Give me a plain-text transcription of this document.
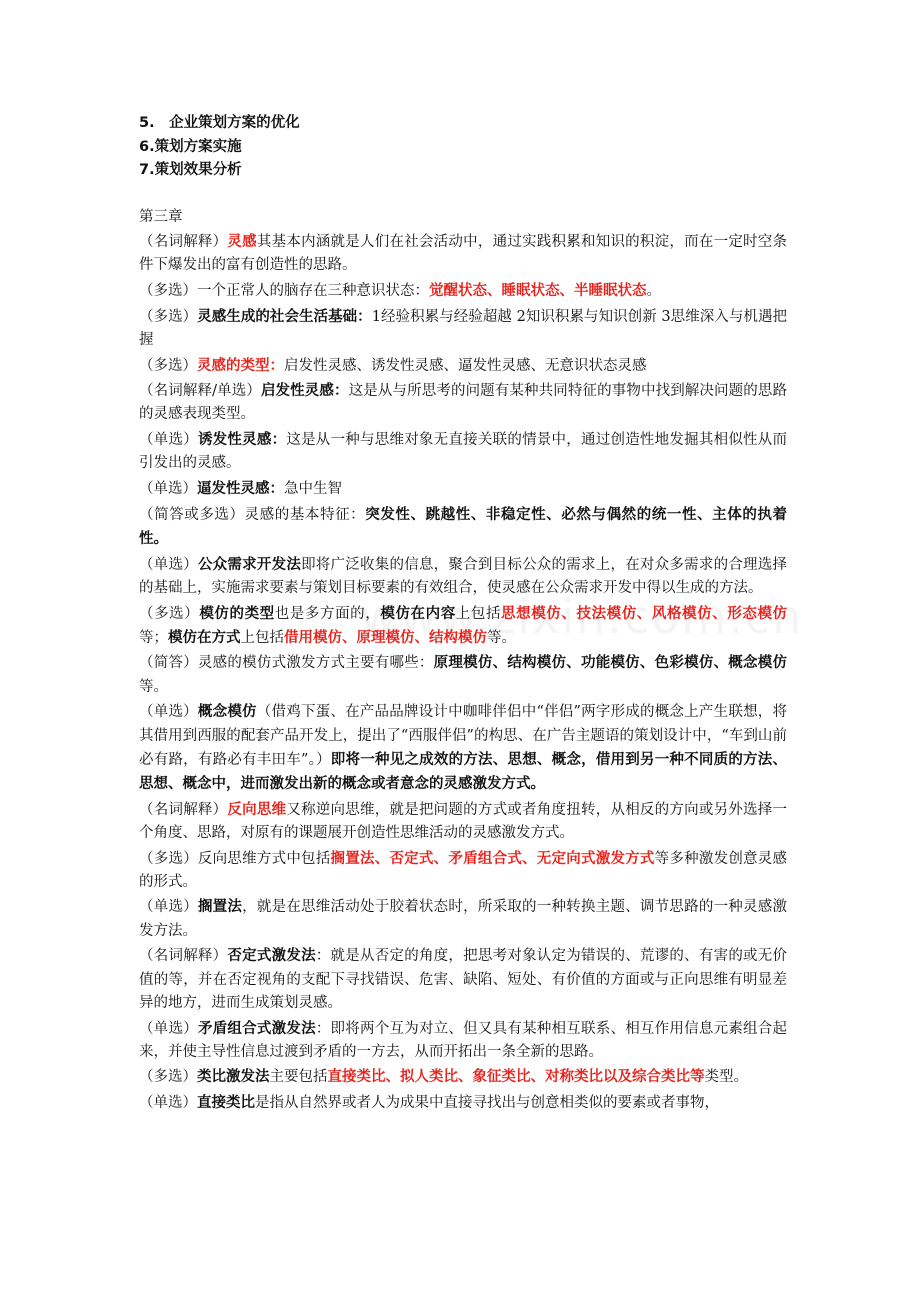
5.　企业策划方案的优化
6.策划方案实施
7.策划效果分析
第三章
（名词解释）灵感其基本内涵就是人们在社会活动中，通过实践积累和知识的积淀，而在一定时空条件下爆发出的富有创造性的思路。
（多选）一个正常人的脑存在三种意识状态：觉醒状态、睡眠状态、半睡眠状态。
（多选）灵感生成的社会生活基础：1经验积累与经验超越 2知识积累与知识创新 3思维深入与机遇把握
（多选）灵感的类型：启发性灵感、诱发性灵感、逼发性灵感、无意识状态灵感
（名词解释/单选）启发性灵感：这是从与所思考的问题有某种共同特征的事物中找到解决问题的思路的灵感表现类型。
（单选）诱发性灵感：这是从一种与思维对象无直接关联的情景中，通过创造性地发掘其相似性从而引发出的灵感。
（单选）逼发性灵感：急中生智
（简答或多选）灵感的基本特征：突发性、跳越性、非稳定性、必然与偶然的统一性、主体的执着性。
（单选）公众需求开发法即将广泛收集的信息，聚合到目标公众的需求上，在对众多需求的合理选择的基础上，实施需求要素与策划目标要素的有效组合，使灵感在公众需求开发中得以生成的方法。
（多选）模仿的类型也是多方面的，模仿在内容上包括思想模仿、技法模仿、风格模仿、形态模仿等；模仿在方式上包括借用模仿、原理模仿、结构模仿等。
（简答）灵感的模仿式激发方式主要有哪些：原理模仿、结构模仿、功能模仿、色彩模仿、概念模仿等。
（单选）概念模仿（借鸡下蛋、在产品品牌设计中咖啡伴侣中“伴侣”两字形成的概念上产生联想，将其借用到西服的配套产品开发上，提出了“西服伴侣”的构思、在广告主题语的策划设计中，“车到山前必有路，有路必有丰田车”。）即将一种见之成效的方法、思想、概念，借用到另一种不同质的方法、思想、概念中，进而激发出新的概念或者意念的灵感激发方式。
（名词解释）反向思维又称逆向思维，就是把问题的方式或者角度扭转，从相反的方向或另外选择一个角度、思路，对原有的课题展开创造性思维活动的灵感激发方式。
（多选）反向思维方式中包括搁置法、否定式、矛盾组合式、无定向式激发方式等多种激发创意灵感的形式。
（单选）搁置法，就是在思维活动处于胶着状态时，所采取的一种转换主题、调节思路的一种灵感激发方法。
（名词解释）否定式激发法：就是从否定的角度，把思考对象认定为错误的、荒谬的、有害的或无价值的等，并在否定视角的支配下寻找错误、危害、缺陷、短处、有价值的方面或与正向思维有明显差异的地方，进而生成策划灵感。
（单选）矛盾组合式激发法：即将两个互为对立、但又具有某种相互联系、相互作用信息元素组合起来，并使主导性信息过渡到矛盾的一方去，从而开拓出一条全新的思路。
（多选）类比激发法主要包括直接类比、拟人类比、象征类比、对称类比以及综合类比等类型。
（单选）直接类比是指从自然界或者人为成果中直接寻找出与创意相类似的要素或者事物，
